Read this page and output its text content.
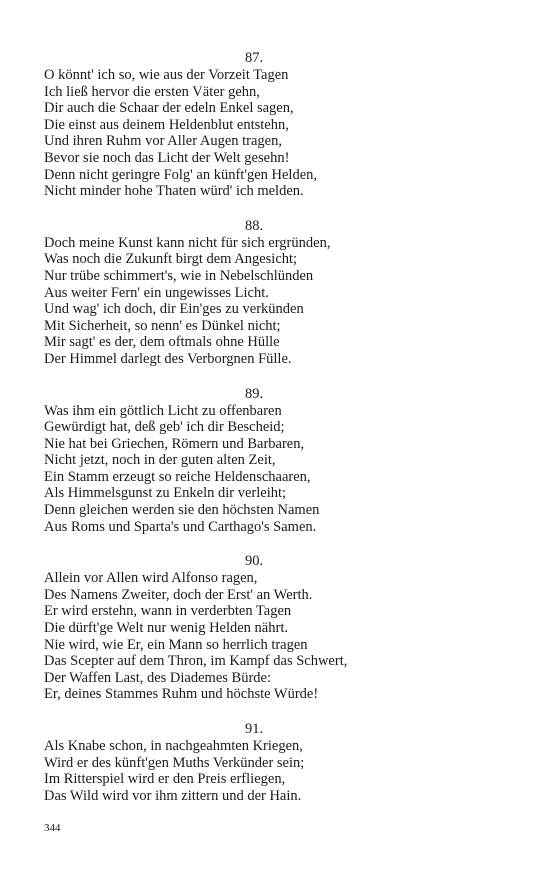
87.
O könnt' ich so, wie aus der Vorzeit Tagen
Ich ließ hervor die ersten Väter gehn,
Dir auch die Schaar der edeln Enkel sagen,
Die einst aus deinem Heldenblut entstehn,
Und ihren Ruhm vor Aller Augen tragen,
Bevor sie noch das Licht der Welt gesehn!
Denn nicht geringre Folg' an künft'gen Helden,
Nicht minder hohe Thaten würd' ich melden.
88.
Doch meine Kunst kann nicht für sich ergründen,
Was noch die Zukunft birgt dem Angesicht;
Nur trübe schimmert's, wie in Nebelschlünden
Aus weiter Fern' ein ungewisses Licht.
Und wag' ich doch, dir Ein'ges zu verkünden
Mit Sicherheit, so nenn' es Dünkel nicht;
Mir sagt' es der, dem oftmals ohne Hülle
Der Himmel darlegt des Verborgnen Fülle.
89.
Was ihm ein göttlich Licht zu offenbaren
Gewürdigt hat, deß geb' ich dir Bescheid;
Nie hat bei Griechen, Römern und Barbaren,
Nicht jetzt, noch in der guten alten Zeit,
Ein Stamm erzeugt so reiche Heldenschaaren,
Als Himmelsgunst zu Enkeln dir verleiht;
Denn gleichen werden sie den höchsten Namen
Aus Roms und Sparta's und Carthago's Samen.
90.
Allein vor Allen wird Alfonso ragen,
Des Namens Zweiter, doch der Erst' an Werth.
Er wird erstehn, wann in verderbten Tagen
Die dürft'ge Welt nur wenig Helden nährt.
Nie wird, wie Er, ein Mann so herrlich tragen
Das Scepter auf dem Thron, im Kampf das Schwert,
Der Waffen Last, des Diademes Bürde:
Er, deines Stammes Ruhm und höchste Würde!
91.
Als Knabe schon, in nachgeahmten Kriegen,
Wird er des künft'gen Muths Verkünder sein;
Im Ritterspiel wird er den Preis erfliegen,
Das Wild wird vor ihm zittern und der Hain.
344
